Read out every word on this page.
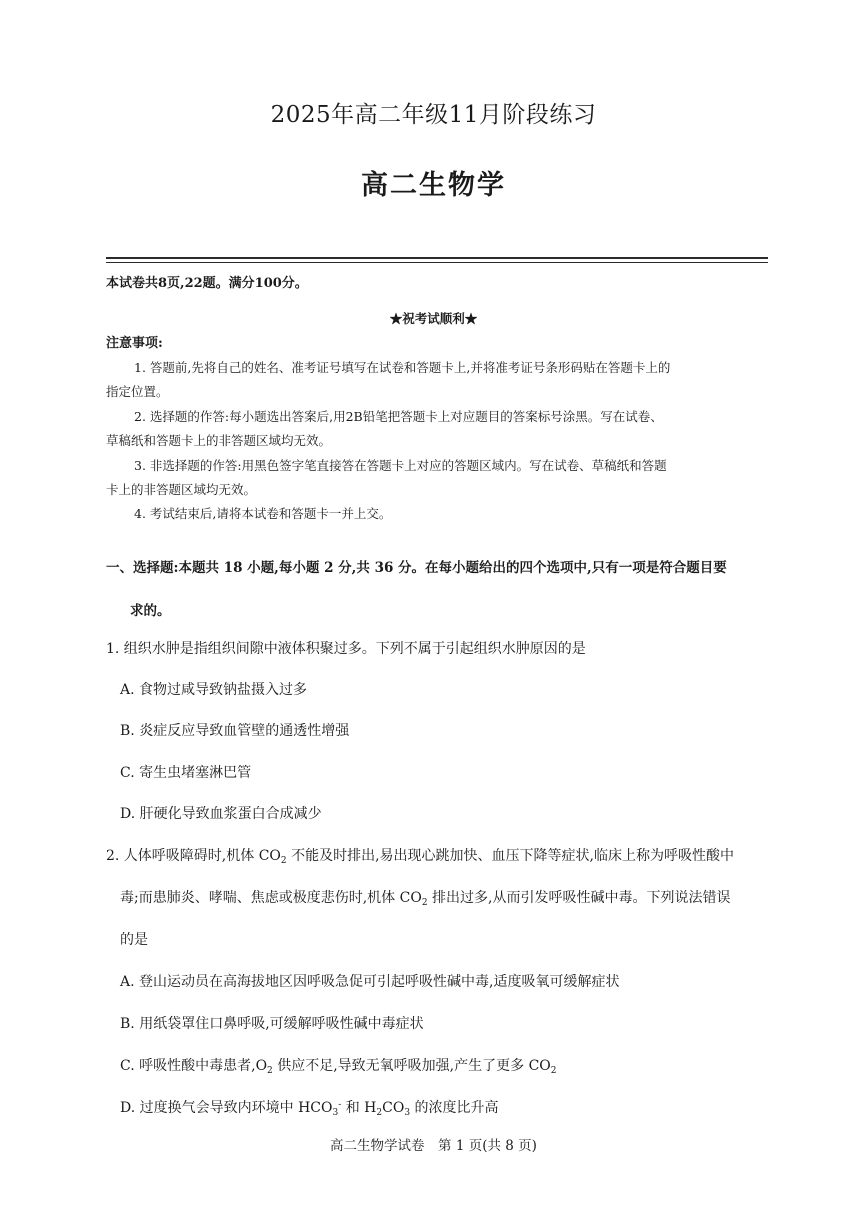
2025年高二年级11月阶段练习
高二生物学
本试卷共8页,22题。满分100分。
★祝考试顺利★
注意事项:
1. 答题前,先将自己的姓名、准考证号填写在试卷和答题卡上,并将准考证号条形码贴在答题卡上的
指定位置。
2. 选择题的作答:每小题选出答案后,用2B铅笔把答题卡上对应题目的答案标号涂黑。写在试卷、
草稿纸和答题卡上的非答题区域均无效。
3. 非选择题的作答:用黑色签字笔直接答在答题卡上对应的答题区域内。写在试卷、草稿纸和答题
卡上的非答题区域均无效。
4. 考试结束后,请将本试卷和答题卡一并上交。
一、选择题:本题共 18 小题,每小题 2 分,共 36 分。在每小题给出的四个选项中,只有一项是符合题目要
求的。
1. 组织水肿是指组织间隙中液体积聚过多。下列不属于引起组织水肿原因的是
A. 食物过咸导致钠盐摄入过多
B. 炎症反应导致血管壁的通透性增强
C. 寄生虫堵塞淋巴管
D. 肝硬化导致血浆蛋白合成减少
2. 人体呼吸障碍时,机体 $CO_2$ 不能及时排出,易出现心跳加快、血压下降等症状,临床上称为呼吸性酸中
毒;而患肺炎、哮喘、焦虑或极度悲伤时,机体 $CO_2$ 排出过多,从而引发呼吸性碱中毒。下列说法错误
的是
A. 登山运动员在高海拔地区因呼吸急促可引起呼吸性碱中毒,适度吸氧可缓解症状
B. 用纸袋罩住口鼻呼吸,可缓解呼吸性碱中毒症状
C. 呼吸性酸中毒患者$,O_2$ 供应不足,导致无氧呼吸加强,产生了更多 $CO_2$
D. 过度换气会导致内环境中 $HCO_3^-$ 和 $H_2CO_3$ 的浓度比升高
高二生物学试卷　第 1 页(共 8 页)
